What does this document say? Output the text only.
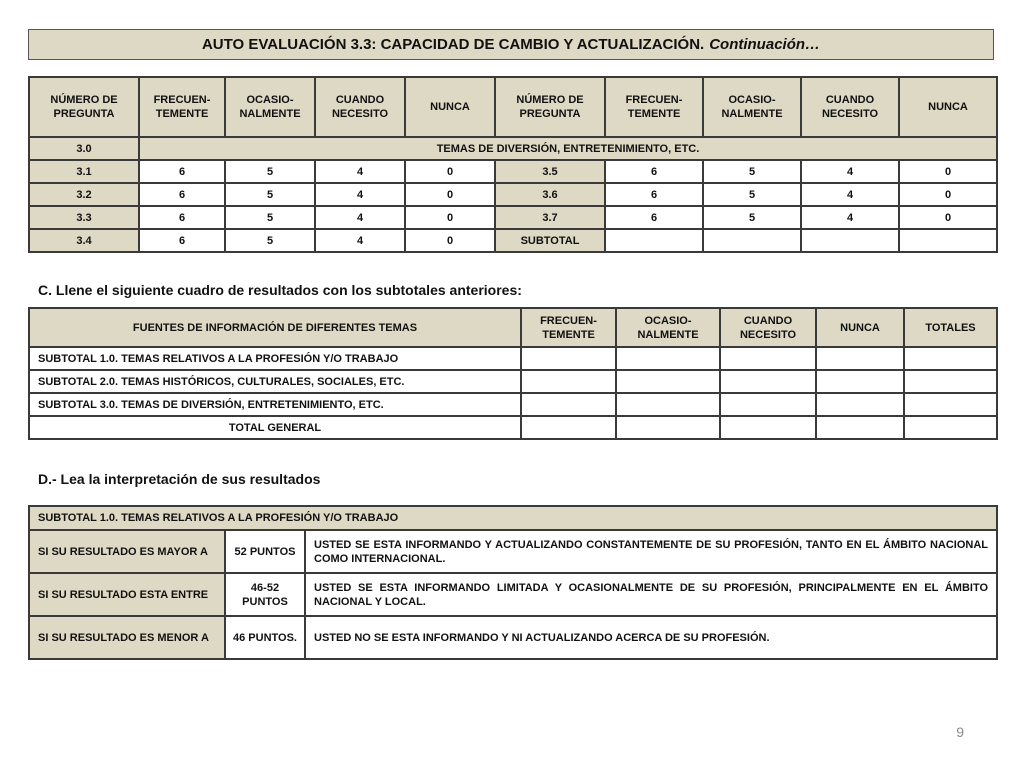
AUTO EVALUACIÓN 3.3: CAPACIDAD DE CAMBIO Y ACTUALIZACIÓN. Continuación…
NÚMERO DE PREGUNTA	FRECUEN- TEMENTE	OCASIO- NALMENTE	CUANDO NECESITO	NUNCA	NÚMERO DE PREGUNTA	FRECUEN- TEMENTE	OCASIO- NALMENTE	CUANDO NECESITO	NUNCA
3.0	TEMAS DE DIVERSIÓN, ENTRETENIMIENTO, ETC.								
3.1	6	5	4	0	3.5	6	5	4	0
3.2	6	5	4	0	3.6	6	5	4	0
3.3	6	5	4	0	3.7	6	5	4	0
3.4	6	5	4	0	SUBTOTAL				
C. Llene el siguiente cuadro de resultados con los subtotales anteriores:
FUENTES DE INFORMACIÓN DE DIFERENTES TEMAS	FRECUEN- TEMENTE	OCASIO- NALMENTE	CUANDO NECESITO	NUNCA	TOTALES
SUBTOTAL 1.0. TEMAS RELATIVOS A LA PROFESIÓN Y/O TRABAJO					
SUBTOTAL 2.0. TEMAS HISTÓRICOS, CULTURALES, SOCIALES, ETC.					
SUBTOTAL 3.0. TEMAS DE DIVERSIÓN, ENTRETENIMIENTO, ETC.					
TOTAL GENERAL					
D.- Lea la interpretación de sus resultados
SUBTOTAL 1.0. TEMAS RELATIVOS A LA PROFESIÓN Y/O TRABAJO		
SI SU RESULTADO ES MAYOR A	52 PUNTOS	USTED SE ESTA INFORMANDO Y ACTUALIZANDO CONSTANTEMENTE DE SU PROFESIÓN, TANTO EN EL ÁMBITO NACIONAL COMO INTERNACIONAL.
SI SU RESULTADO ESTA ENTRE	46-52 PUNTOS	USTED SE ESTA INFORMANDO LIMITADA Y OCASIONALMENTE DE SU PROFESIÓN, PRINCIPALMENTE EN EL ÁMBITO NACIONAL Y LOCAL.
SI SU RESULTADO ES MENOR A	46 PUNTOS.	USTED NO SE ESTA INFORMANDO Y NI ACTUALIZANDO ACERCA DE SU PROFESIÓN.
9
